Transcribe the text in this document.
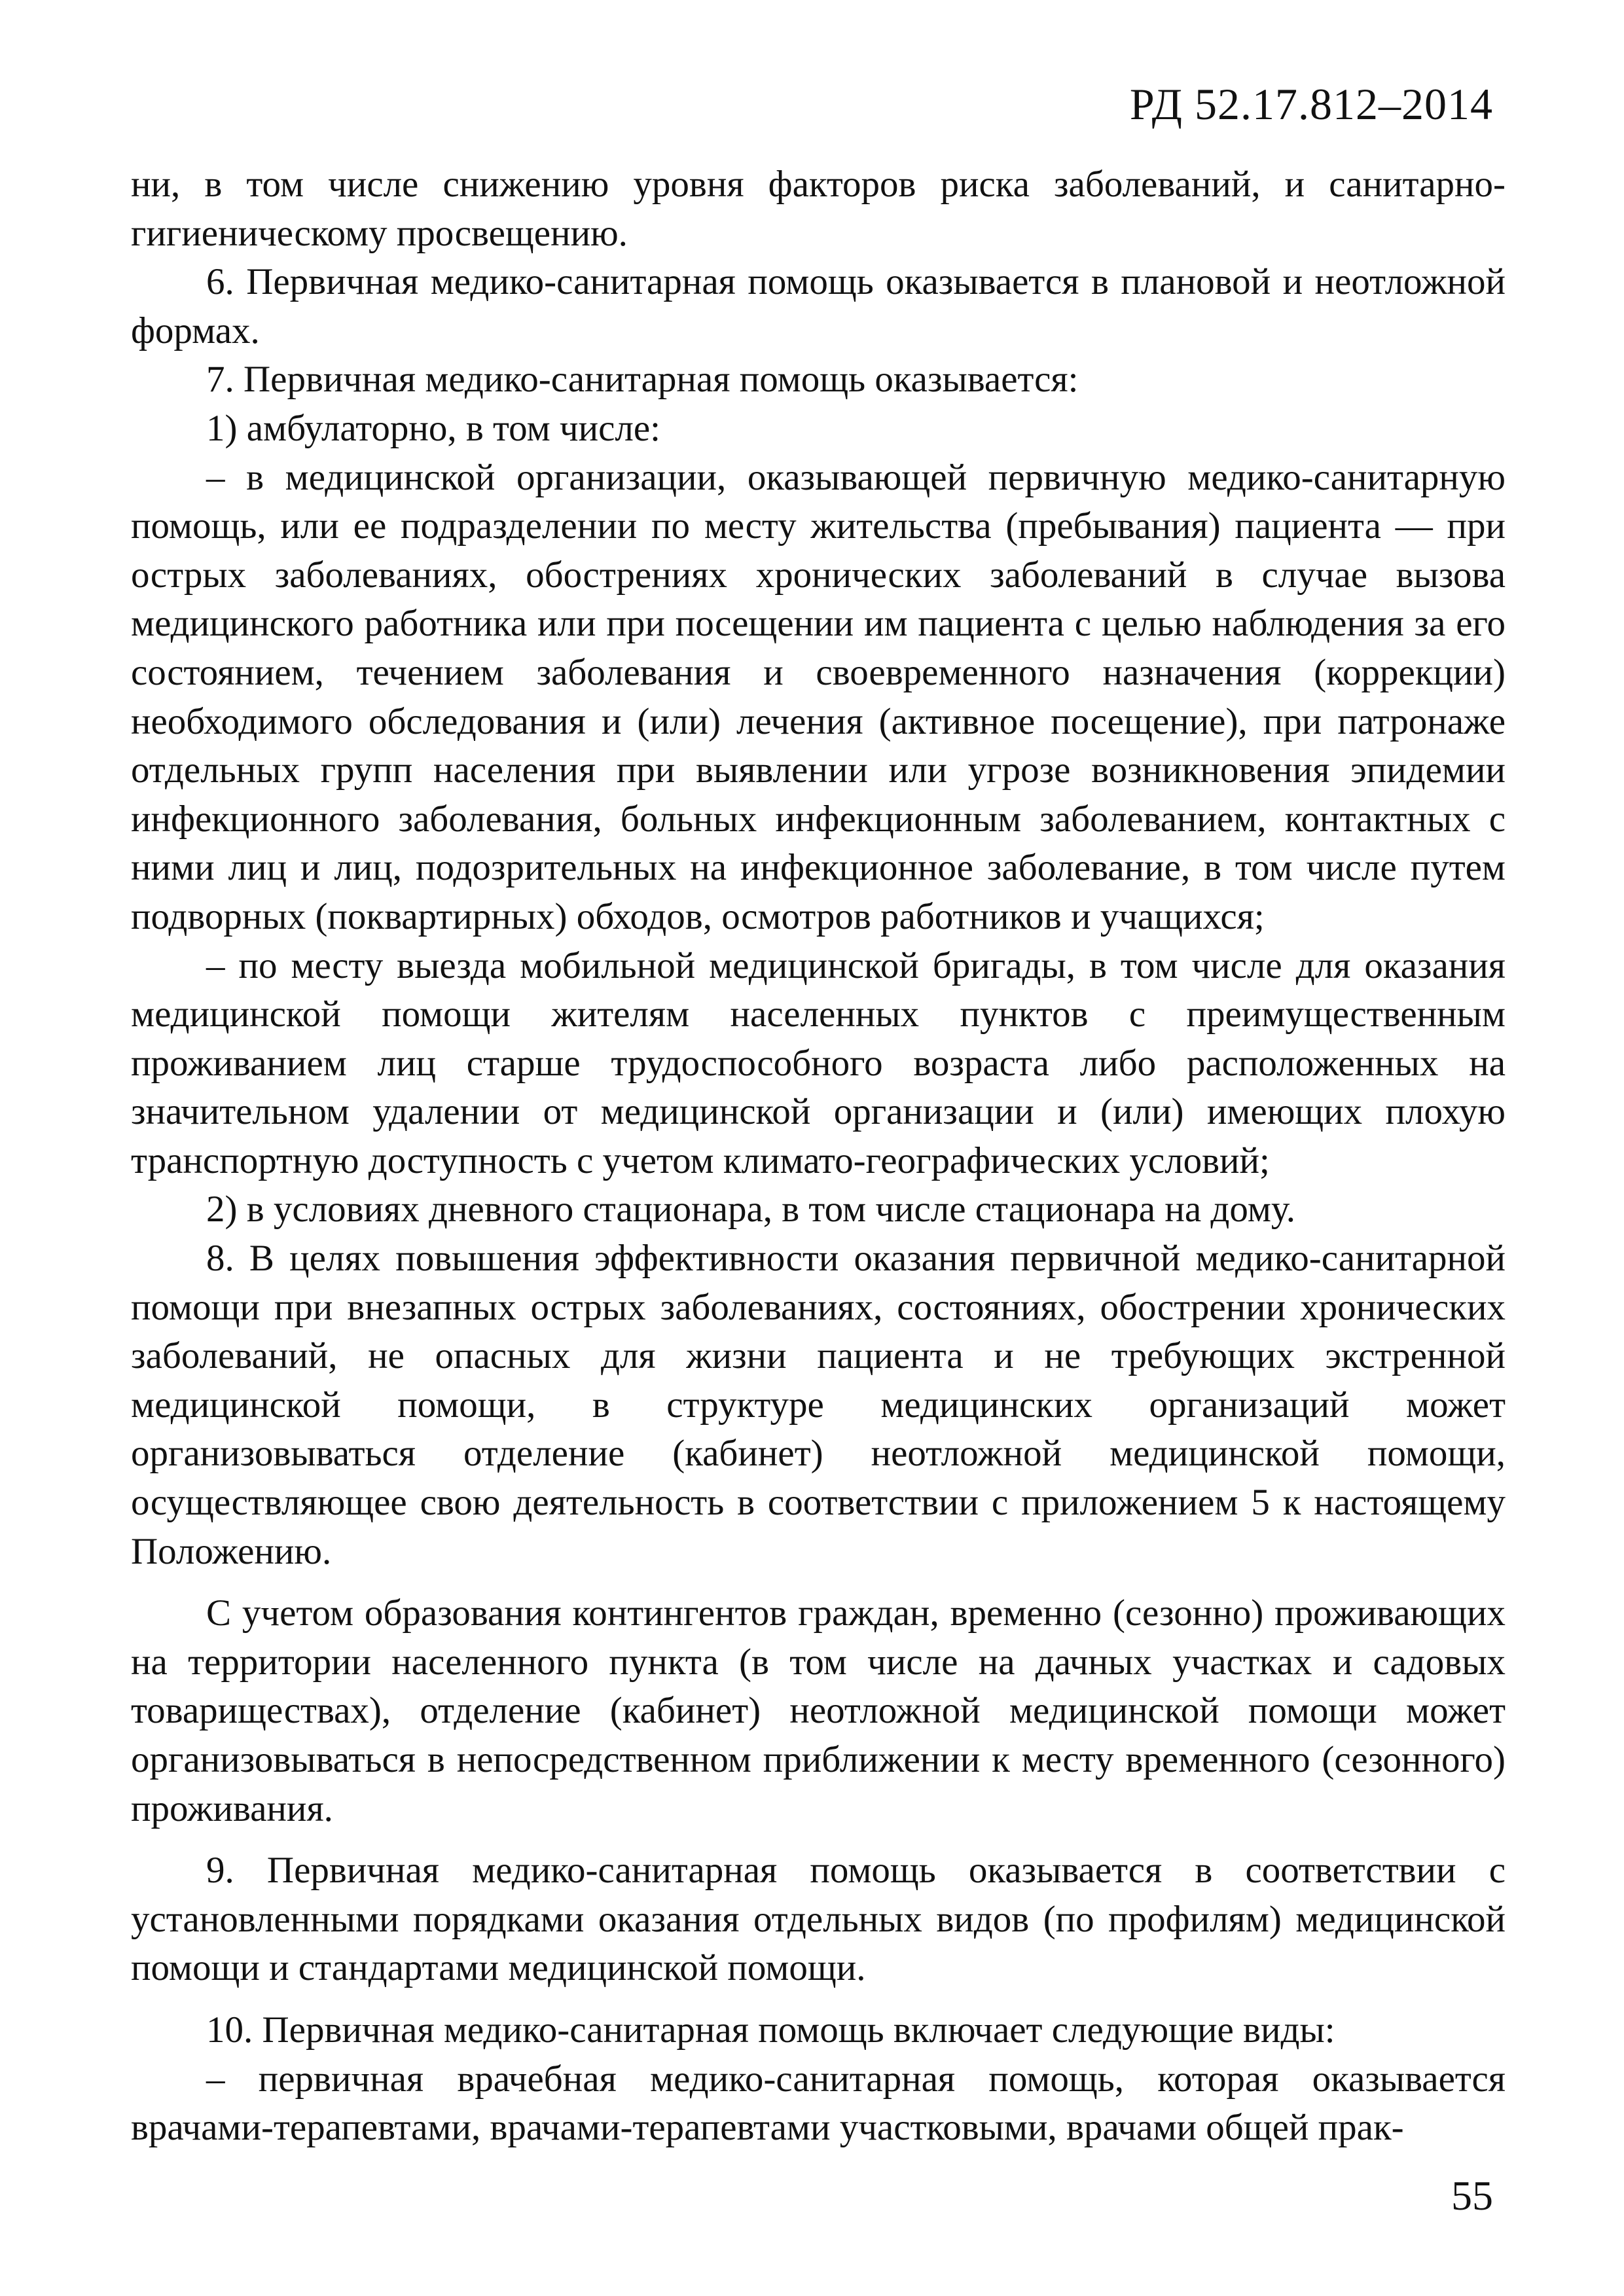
РД 52.17.812–2014

ни, в том числе снижению уровня факторов риска заболеваний, и санитарно-гигиеническому просвещению.

6. Первичная медико-санитарная помощь оказывается в плановой и неотложной формах.

7. Первичная медико-санитарная помощь оказывается:

1) амбулаторно, в том числе:

– в медицинской организации, оказывающей первичную медико-санитарную помощь, или ее подразделении по месту жительства (пребывания) пациента — при острых заболеваниях, обострениях хронических заболеваний в случае вызова медицинского работника или при посещении им пациента с целью наблюдения за его состоянием, течением заболевания и своевременного назначения (коррекции) необходимого обследования и (или) лечения (активное посещение), при патронаже отдельных групп населения при выявлении или угрозе возникновения эпидемии инфекционного заболевания, больных инфекционным заболеванием, контактных с ними лиц и лиц, подозрительных на инфекционное заболевание, в том числе путем подворных (поквартирных) обходов, осмотров работников и учащихся;

– по месту выезда мобильной медицинской бригады, в том числе для оказания медицинской помощи жителям населенных пунктов с преимущественным проживанием лиц старше трудоспособного возраста либо расположенных на значительном удалении от медицинской организации и (или) имеющих плохую транспортную доступность с учетом климато-географических условий;

2) в условиях дневного стационара, в том числе стационара на дому.

8. В целях повышения эффективности оказания первичной медико-санитарной помощи при внезапных острых заболеваниях, состояниях, обострении хронических заболеваний, не опасных для жизни пациента и не требующих экстренной медицинской помощи, в структуре медицинских организаций может организовываться отделение (кабинет) неотложной медицинской помощи, осуществляющее свою деятельность в соответствии с приложением 5 к настоящему Положению.

С учетом образования контингентов граждан, временно (сезонно) проживающих на территории населенного пункта (в том числе на дачных участках и садовых товариществах), отделение (кабинет) неотложной медицинской помощи может организовываться в непосредственном приближении к месту временного (сезонного) проживания.

9. Первичная медико-санитарная помощь оказывается в соответствии с установленными порядками оказания отдельных видов (по профилям) медицинской помощи и стандартами медицинской помощи.

10. Первичная медико-санитарная помощь включает следующие виды:

– первичная врачебная медико-санитарная помощь, которая оказывается врачами-терапевтами, врачами-терапевтами участковыми, врачами общей прак-

55
